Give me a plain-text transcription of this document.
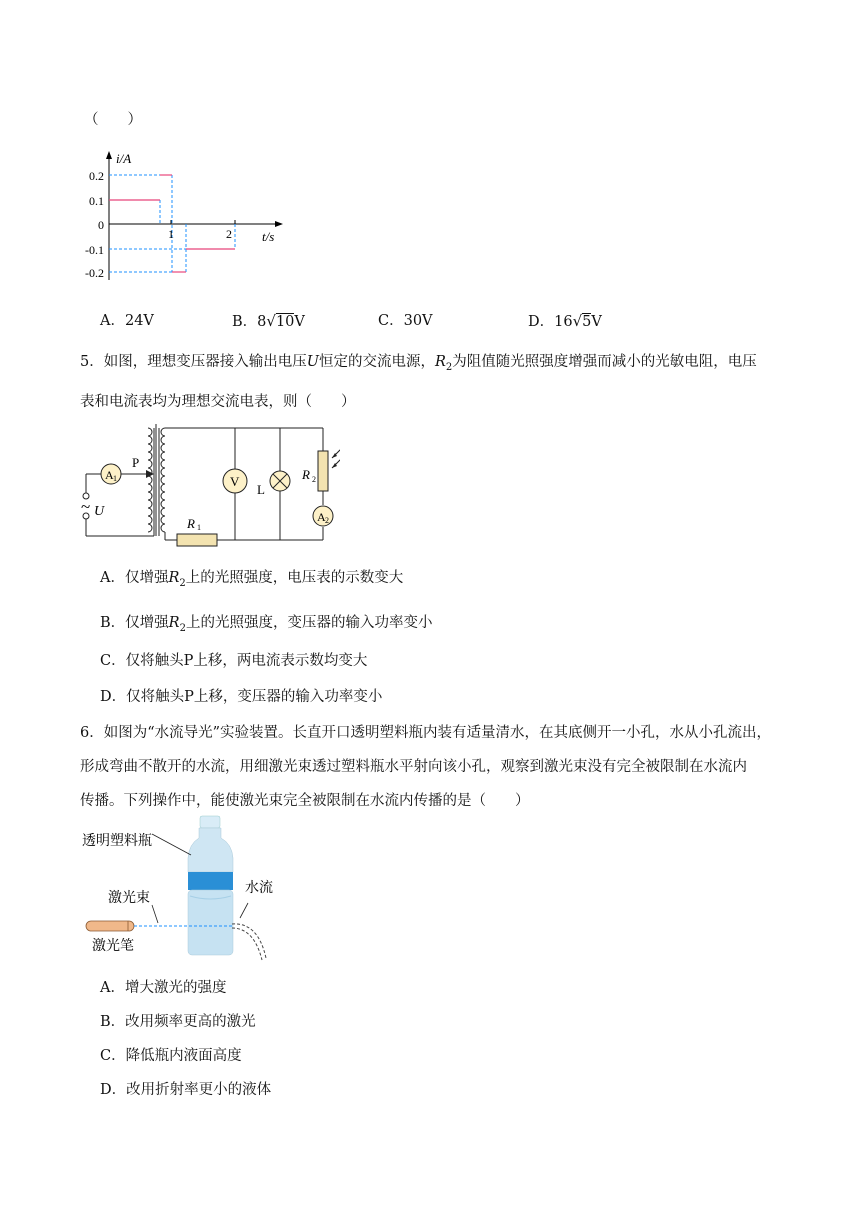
（　　）
i/A
t/s
0.2
0.1
0
-0.1
-0.2
1	2
A．24V	B．8√10V	C．30V	D．16√5V
5．如图，理想变压器接入输出电压U恒定的交流电源，$R_2$为阻值随光照强度增强而减小的光敏电阻，电压
表和电流表均为理想交流电表，则（　　）
~ U
A 1
P
R 1
V
L
R 2
A 2
A．仅增强$R_2$上的光照强度，电压表的示数变大
B．仅增强$R_2$上的光照强度，变压器的输入功率变小
C．仅将触头P上移，两电流表示数均变大
D．仅将触头P上移，变压器的输入功率变小
6．如图为“水流导光”实验装置。长直开口透明塑料瓶内装有适量清水，在其底侧开一小孔，水从小孔流出，
形成弯曲不散开的水流，用细激光束透过塑料瓶水平射向该小孔，观察到激光束没有完全被限制在水流内
传播。下列操作中，能使激光束完全被限制在水流内传播的是（　　）
透明塑料瓶
激光束
水流
激光笔
A．增大激光的强度
B．改用频率更高的激光
C．降低瓶内液面高度
D．改用折射率更小的液体
